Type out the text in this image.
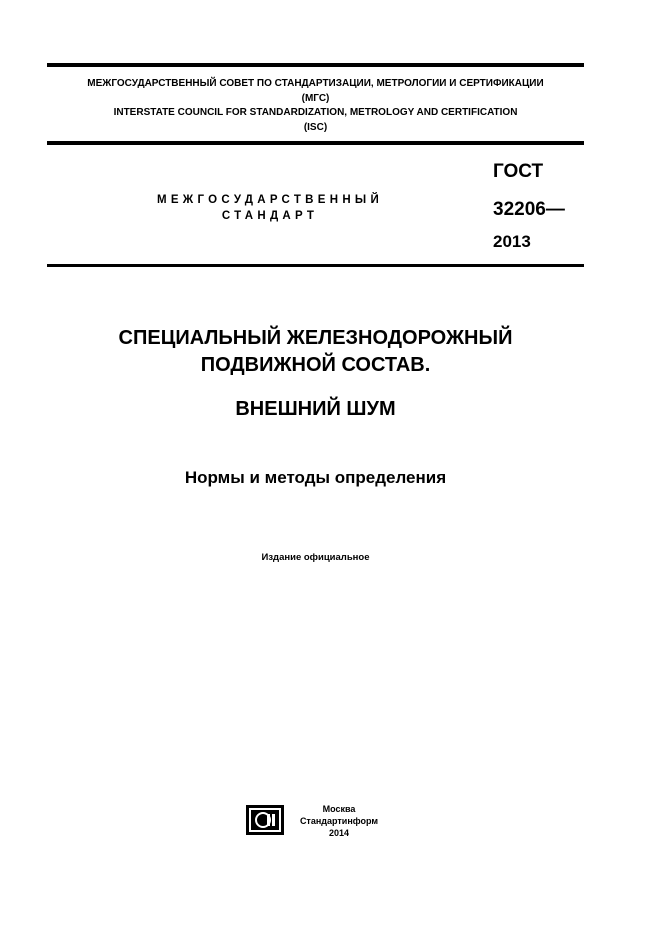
МЕЖГОСУДАРСТВЕННЫЙ СОВЕТ ПО СТАНДАРТИЗАЦИИ, МЕТРОЛОГИИ И СЕРТИФИКАЦИИ
(МГС)
INTERSTATE COUNCIL FOR STANDARDIZATION, METROLOGY AND CERTIFICATION
(ISC)
МЕЖГОСУДАРСТВЕННЫЙ
СТАНДАРТ
ГОСТ
32206—
2013
СПЕЦИАЛЬНЫЙ ЖЕЛЕЗНОДОРОЖНЫЙ
ПОДВИЖНОЙ СОСТАВ.
ВНЕШНИЙ ШУМ
Нормы и методы определения
Издание официальное
Москва
Стандартинформ
2014
